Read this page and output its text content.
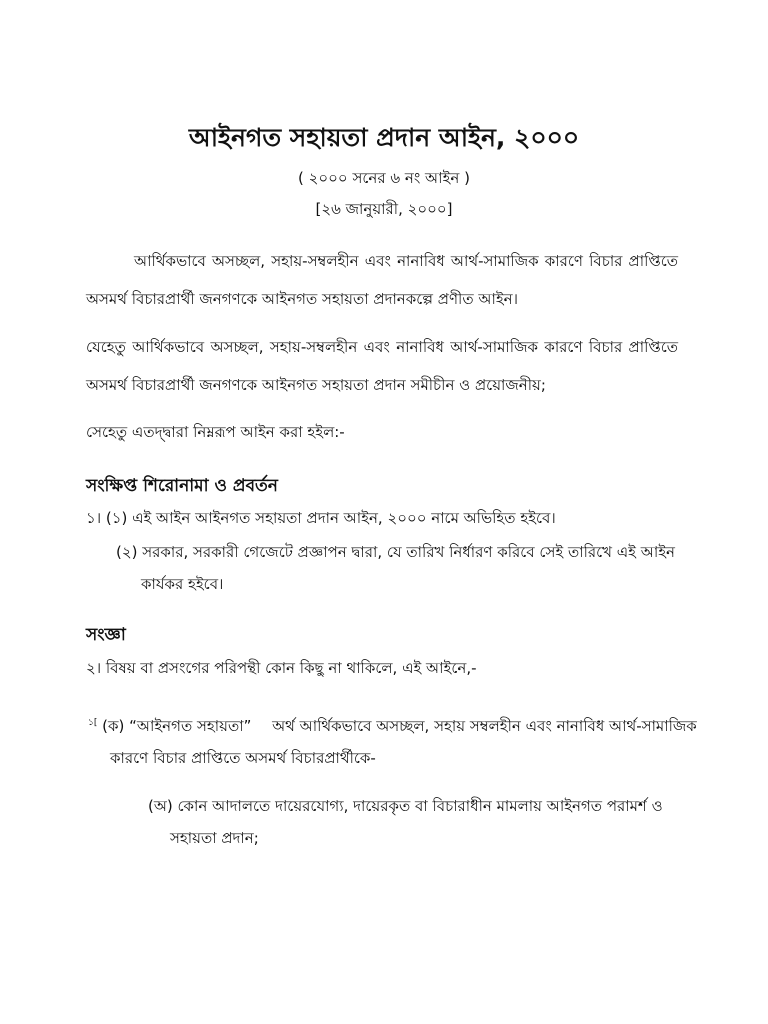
আইনগত সহায়তা প্রদান আইন, ২০০০
( ২০০০ সনের ৬ নং আইন )
[২৬ জানুয়ারী, ২০০০]
আর্থিকভাবে অসচ্ছল, সহায়-সম্বলহীন এবং নানাবিধ আর্থ-সামাজিক কারণে বিচার প্রাপ্তিতে অসমর্থ বিচারপ্রার্থী জনগণকে আইনগত সহায়তা প্রদানকল্পে প্রণীত আইন।
যেহেতু আর্থিকভাবে অসচ্ছল, সহায়-সম্বলহীন এবং নানাবিধ আর্থ-সামাজিক কারণে বিচার প্রাপ্তিতে অসমর্থ বিচারপ্রার্থী জনগণকে আইনগত সহায়তা প্রদান সমীচীন ও প্রয়োজনীয়;
সেহেতু এতদ্‌দ্বারা নিম্নরূপ আইন করা হইল:-
সংক্ষিপ্ত শিরোনামা ও প্রবর্তন
১। (১) এই আইন আইনগত সহায়তা প্রদান আইন, ২০০০ নামে অভিহিত হইবে।
(২) সরকার, সরকারী গেজেটে প্রজ্ঞাপন দ্বারা, যে তারিখ নির্ধারণ করিবে সেই তারিখে এই আইন কার্যকর হইবে।
সংজ্ঞা
২। বিষয় বা প্রসংগের পরিপন্থী কোন কিছু না থাকিলে, এই আইনে,-
$^{১[}$ (ক) “আইনগত সহায়তা” অর্থ আর্থিকভাবে অসচ্ছল, সহায় সম্বলহীন এবং নানাবিধ আর্থ-সামাজিক কারণে বিচার প্রাপ্তিতে অসমর্থ বিচারপ্রার্থীকে-
(অ) কোন আদালতে দায়েরযোগ্য, দায়েরকৃত বা বিচারাধীন মামলায় আইনগত পরামর্শ ও সহায়তা প্রদান;
